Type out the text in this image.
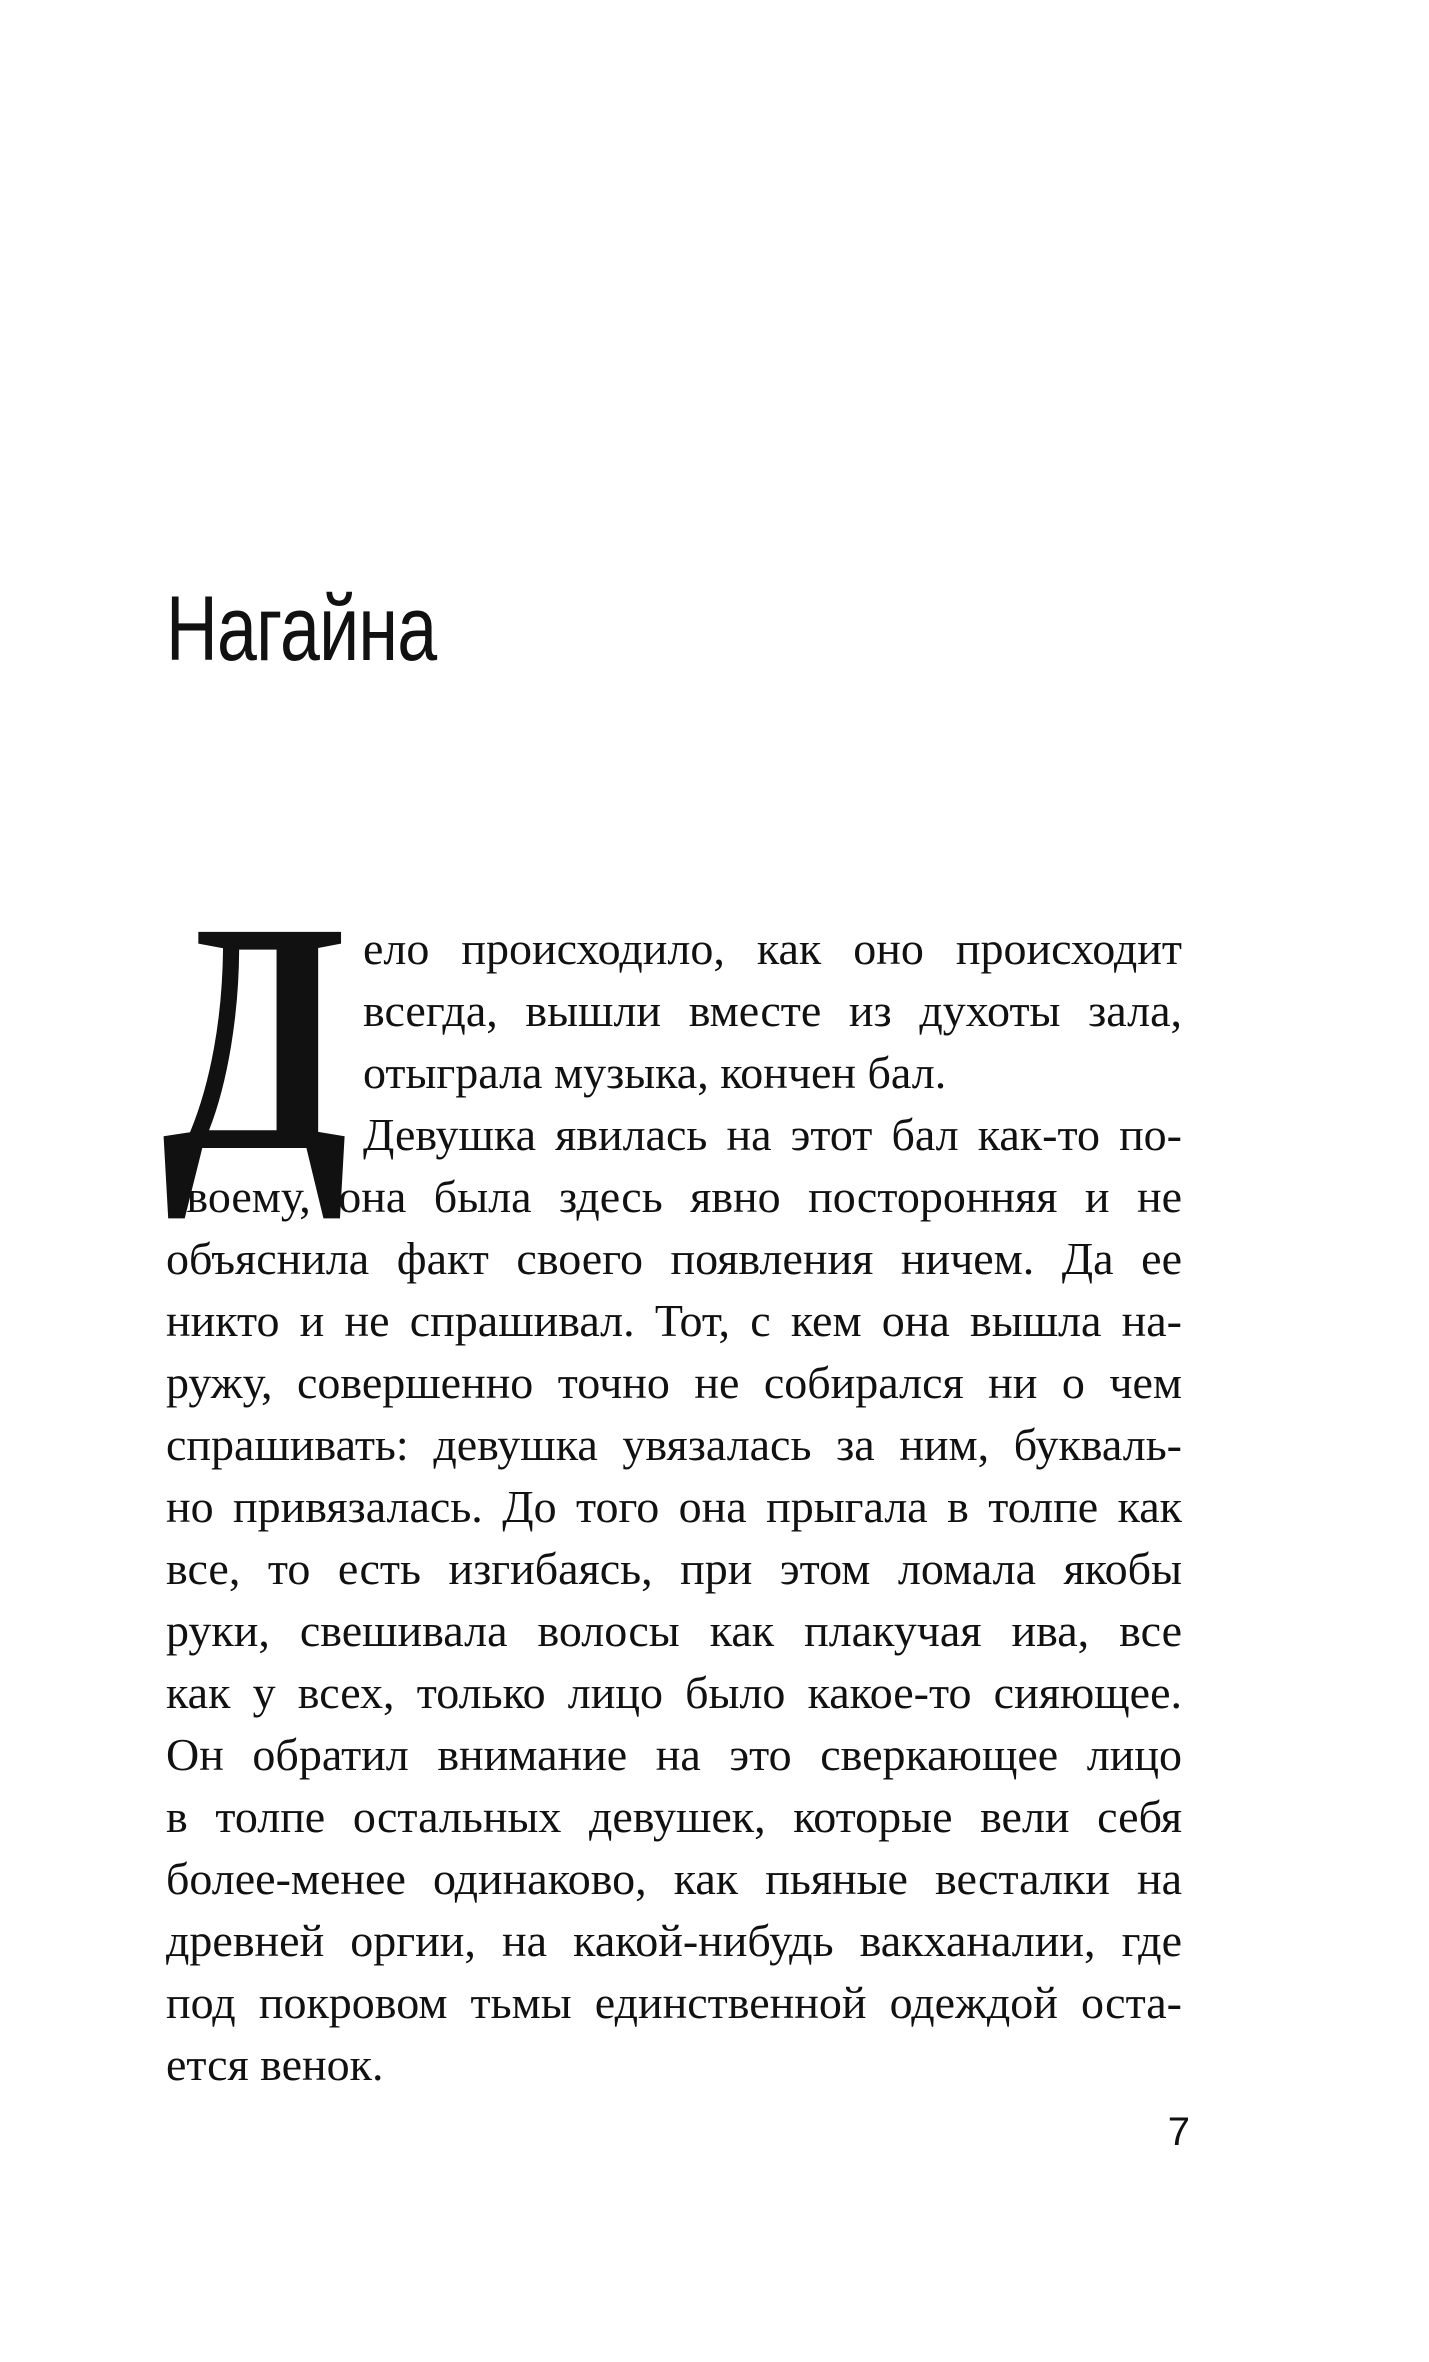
Нагайна
Д ело происходило, как оно происходит
всегда, вышли вместе из духоты зала,
отыграла музыка, кончен бал.
Девушка явилась на этот бал как-то по-
своему, она была здесь явно посторонняя и не
объяснила факт своего появления ничем. Да ее
никто и не спрашивал. Тот, с кем она вышла на-
ружу, совершенно точно не собирался ни о чем
спрашивать: девушка увязалась за ним, букваль-
но привязалась. До того она прыгала в толпе как
все, то есть изгибаясь, при этом ломала якобы
руки, свешивала волосы как плакучая ива, все
как у всех, только лицо было какое-то сияющее.
Он обратил внимание на это сверкающее лицо
в толпе остальных девушек, которые вели себя
более-менее одинаково, как пьяные весталки на
древней оргии, на какой-нибудь вакханалии, где
под покровом тьмы единственной одеждой оста-
ется венок.
7
